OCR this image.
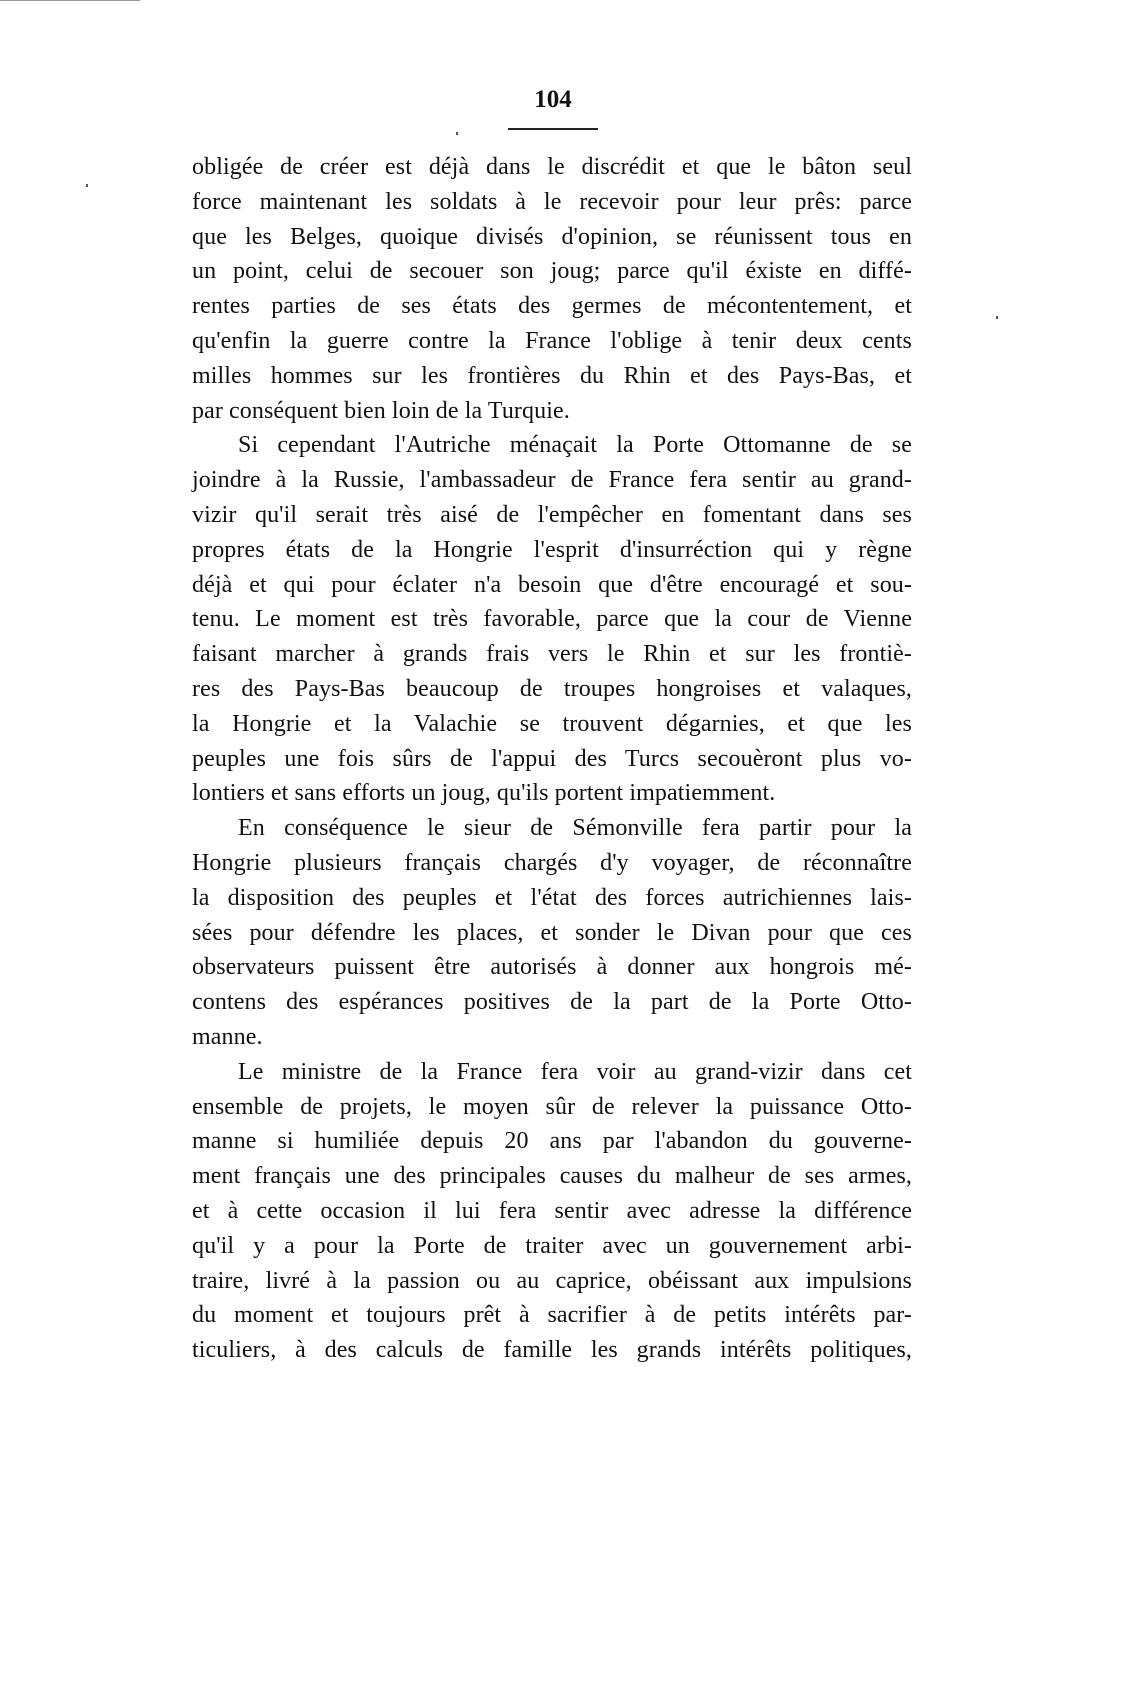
104
obligée de créer est déjà dans le discrédit et que le bâton seul
force maintenant les soldats à le recevoir pour leur prês: parce
que les Belges, quoique divisés d'opinion, se réunissent tous en
un point, celui de secouer son joug; parce qu'il éxiste en diffé-
rentes parties de ses états des germes de mécontentement, et
qu'enfin la guerre contre la France l'oblige à tenir deux cents
milles hommes sur les frontières du Rhin et des Pays-Bas, et
par conséquent bien loin de la Turquie.
Si cependant l'Autriche ménaçait la Porte Ottomanne de se
joindre à la Russie, l'ambassadeur de France fera sentir au grand-
vizir qu'il serait très aisé de l'empêcher en fomentant dans ses
propres états de la Hongrie l'esprit d'insurréction qui y règne
déjà et qui pour éclater n'a besoin que d'être encouragé et sou-
tenu. Le moment est très favorable, parce que la cour de Vienne
faisant marcher à grands frais vers le Rhin et sur les frontiè-
res des Pays-Bas beaucoup de troupes hongroises et valaques,
la Hongrie et la Valachie se trouvent dégarnies, et que les
peuples une fois sûrs de l'appui des Turcs secouèront plus vo-
lontiers et sans efforts un joug, qu'ils portent impatiemment.
En conséquence le sieur de Sémonville fera partir pour la
Hongrie plusieurs français chargés d'y voyager, de réconnaître
la disposition des peuples et l'état des forces autrichiennes lais-
sées pour défendre les places, et sonder le Divan pour que ces
observateurs puissent être autorisés à donner aux hongrois mé-
contens des espérances positives de la part de la Porte Otto-
manne.
Le ministre de la France fera voir au grand-vizir dans cet
ensemble de projets, le moyen sûr de relever la puissance Otto-
manne si humiliée depuis 20 ans par l'abandon du gouverne-
ment français une des principales causes du malheur de ses armes,
et à cette occasion il lui fera sentir avec adresse la différence
qu'il y a pour la Porte de traiter avec un gouvernement arbi-
traire, livré à la passion ou au caprice, obéissant aux impulsions
du moment et toujours prêt à sacrifier à de petits intérêts par-
ticuliers, à des calculs de famille les grands intérêts politiques,
